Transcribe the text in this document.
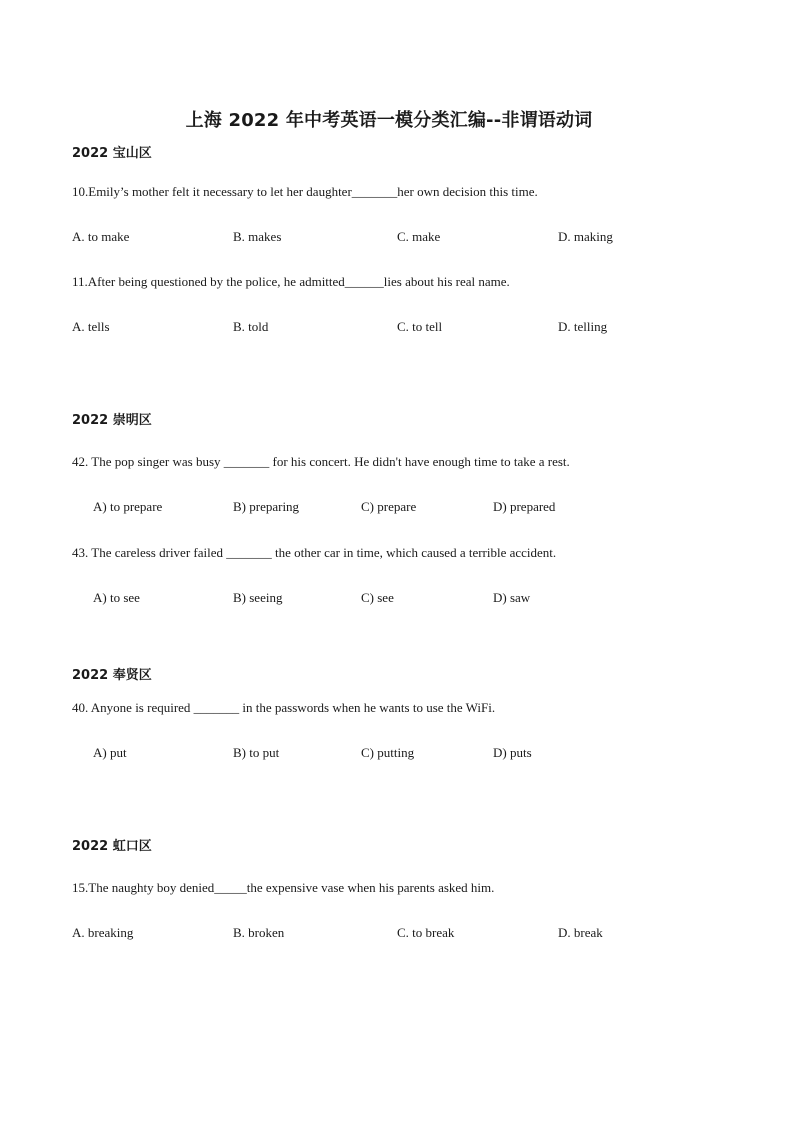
上海 2022 年中考英语一模分类汇编--非谓语动词
2022 宝山区
10.Emily’s mother felt it necessary to let her daughter_______her own decision this time.
A. to make	B. makes	C. make	D. making
11.After being questioned by the police, he admitted______lies about his real name.
A. tells	B. told	C. to tell	D. telling
2022 崇明区
42. The pop singer was busy _______ for his concert. He didn't have enough time to take a rest.
A) to prepare	B) preparing	C) prepare	D) prepared
43. The careless driver failed _______ the other car in time, which caused a terrible accident.
A) to see	B) seeing	C) see	D) saw
2022 奉贤区
40. Anyone is required _______ in the passwords when he wants to use the WiFi.
A) put	B) to put	C) putting	D) puts
2022 虹口区
15.The naughty boy denied_____the expensive vase when his parents asked him.
A. breaking	B. broken	C. to break	D. break
